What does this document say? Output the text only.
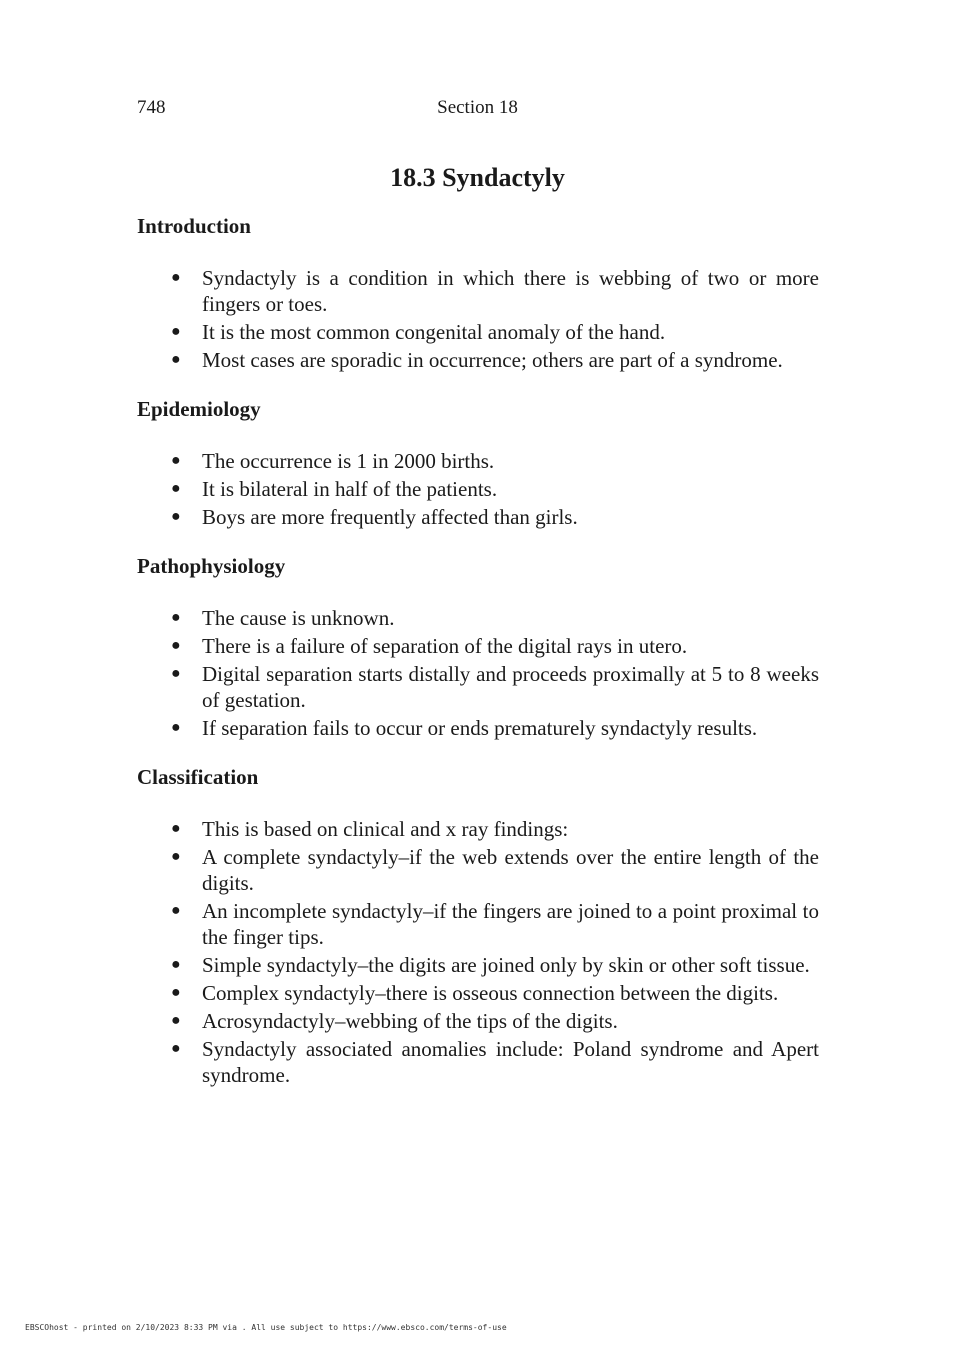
748	Section 18
18.3 Syndactyly
Introduction
● Syndactyly is a condition in which there is webbing of two or more fingers or toes.
● It is the most common congenital anomaly of the hand.
● Most cases are sporadic in occurrence; others are part of a syndrome.
Epidemiology
● The occurrence is 1 in 2000 births.
● It is bilateral in half of the patients.
● Boys are more frequently affected than girls.
Pathophysiology
● The cause is unknown.
● There is a failure of separation of the digital rays in utero.
● Digital separation starts distally and proceeds proximally at 5 to 8 weeks of gestation.
● If separation fails to occur or ends prematurely syndactyly results.
Classification
● This is based on clinical and x ray findings:
● A complete syndactyly–if the web extends over the entire length of the digits.
● An incomplete syndactyly–if the fingers are joined to a point proximal to the finger tips.
● Simple syndactyly–the digits are joined only by skin or other soft tissue.
● Complex syndactyly–there is osseous connection between the digits.
● Acrosyndactyly–webbing of the tips of the digits.
● Syndactyly associated anomalies include: Poland syndrome and Apert syndrome.
EBSCOhost - printed on 2/10/2023 8:33 PM via . All use subject to https://www.ebsco.com/terms-of-use
